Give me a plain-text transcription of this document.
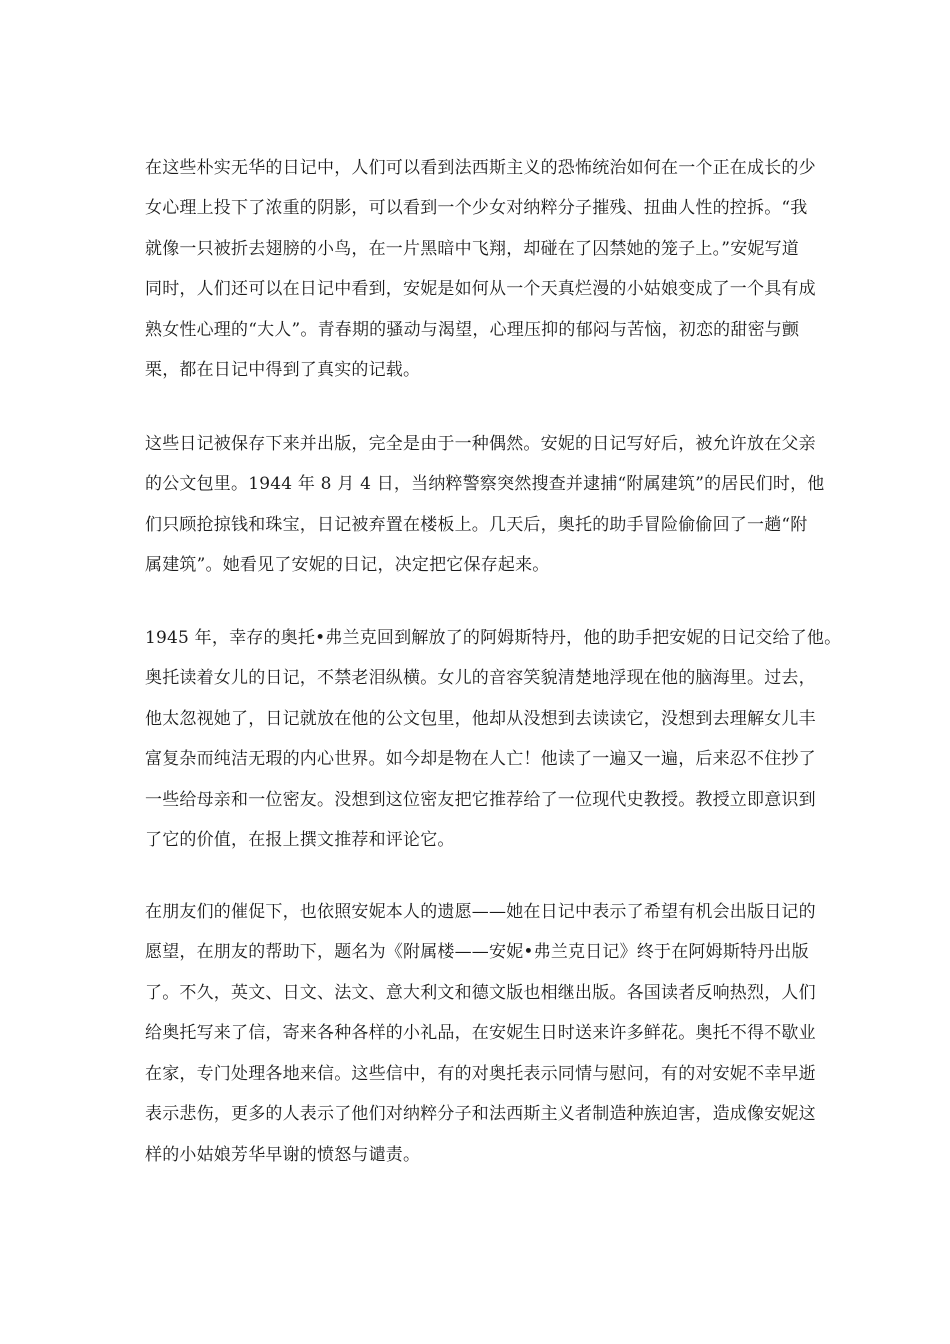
在这些朴实无华的日记中，人们可以看到法西斯主义的恐怖统治如何在一个正在成长的少
女心理上投下了浓重的阴影，可以看到一个少女对纳粹分子摧残、扭曲人性的控拆。“我
就像一只被折去翅膀的小鸟，在一片黑暗中飞翔，却碰在了囚禁她的笼子上。”安妮写道
同时，人们还可以在日记中看到，安妮是如何从一个天真烂漫的小姑娘变成了一个具有成
熟女性心理的“大人”。青春期的骚动与渴望，心理压抑的郁闷与苦恼，初恋的甜密与颤
栗，都在日记中得到了真实的记载。
这些日记被保存下来并出版，完全是由于一种偶然。安妮的日记写好后，被允许放在父亲
的公文包里。1944 年 8 月 4 日，当纳粹警察突然搜查并逮捕“附属建筑”的居民们时，他
们只顾抢掠钱和珠宝，日记被弃置在楼板上。几天后，奥托的助手冒险偷偷回了一趟“附
属建筑”。她看见了安妮的日记，决定把它保存起来。
1945 年，幸存的奥托•弗兰克回到解放了的阿姆斯特丹，他的助手把安妮的日记交给了他。
奥托读着女儿的日记，不禁老泪纵横。女儿的音容笑貌清楚地浮现在他的脑海里。过去，
他太忽视她了，日记就放在他的公文包里，他却从没想到去读读它，没想到去理解女儿丰
富复杂而纯洁无瑕的内心世界。如今却是物在人亡！他读了一遍又一遍，后来忍不住抄了
一些给母亲和一位密友。没想到这位密友把它推荐给了一位现代史教授。教授立即意识到
了它的价值，在报上撰文推荐和评论它。
在朋友们的催促下，也依照安妮本人的遗愿——她在日记中表示了希望有机会出版日记的
愿望，在朋友的帮助下，题名为《附属楼——安妮•弗兰克日记》终于在阿姆斯特丹出版
了。不久，英文、日文、法文、意大利文和德文版也相继出版。各国读者反响热烈，人们
给奥托写来了信，寄来各种各样的小礼品，在安妮生日时送来许多鲜花。奥托不得不歇业
在家，专门处理各地来信。这些信中，有的对奥托表示同情与慰问，有的对安妮不幸早逝
表示悲伤，更多的人表示了他们对纳粹分子和法西斯主义者制造种族迫害，造成像安妮这
样的小姑娘芳华早谢的愤怒与谴责。
